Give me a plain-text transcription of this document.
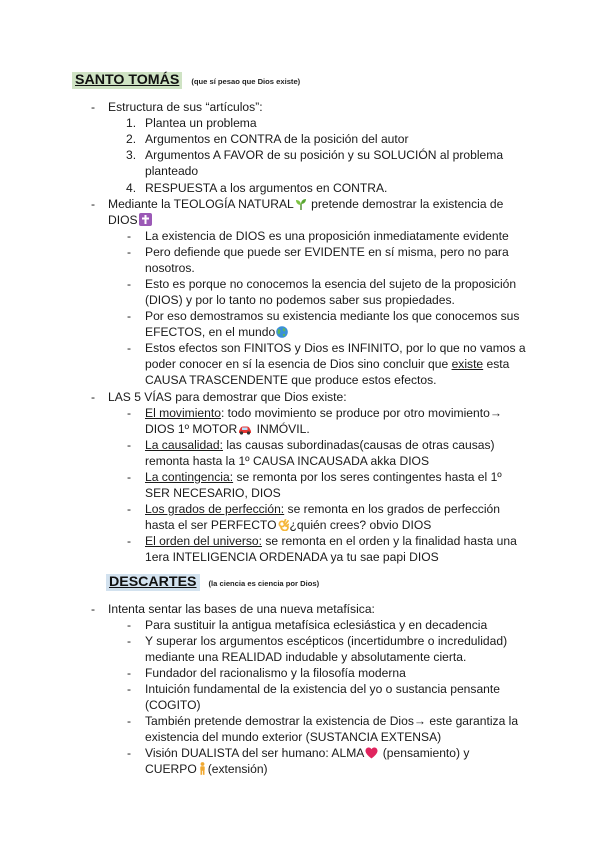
SANTO TOMÁS	(que sí pesao que Dios existe)
- Estructura de sus “artículos”:
1. Plantea un problema
2. Argumentos en CONTRA de la posición del autor
3. Argumentos A FAVOR de su posición y su SOLUCIÓN al problema
planteado
4. RESPUESTA a los argumentos en CONTRA.
- Mediante la TEOLOGÍA NATURAL pretende demostrar la existencia de
DIOS
- La existencia de DIOS es una proposición inmediatamente evidente
- Pero defiende que puede ser EVIDENTE en sí misma, pero no para
nosotros.
- Esto es porque no conocemos la esencia del sujeto de la proposición
(DIOS) y por lo tanto no podemos saber sus propiedades.
- Por eso demostramos su existencia mediante los que conocemos sus
EFECTOS, en el mundo
- Estos efectos son FINITOS y Dios es INFINITO, por lo que no vamos a
poder conocer en sí la esencia de Dios sino concluir que existe esta
CAUSA TRASCENDENTE que produce estos efectos.
- LAS 5 VÍAS para demostrar que Dios existe:
- El movimiento: todo movimiento se produce por otro movimiento→
DIOS 1º MOTOR INMÓVIL.
- La causalidad: las causas subordinadas(causas de otras causas)
remonta hasta la 1º CAUSA INCAUSADA akka DIOS
- La contingencia: se remonta por los seres contingentes hasta el 1º
SER NECESARIO, DIOS
- Los grados de perfección: se remonta en los grados de perfección
hasta el ser PERFECTO ¿quién crees? obvio DIOS
- El orden del universo: se remonta en el orden y la finalidad hasta una
1era INTELIGENCIA ORDENADA ya tu sae papi DIOS
DESCARTES	(la ciencia es ciencia por Dios)
- Intenta sentar las bases de una nueva metafísica:
- Para sustituir la antigua metafísica eclesiástica y en decadencia
- Y superar los argumentos escépticos (incertidumbre o incredulidad)
mediante una REALIDAD indudable y absolutamente cierta.
- Fundador del racionalismo y la filosofía moderna
- Intuición fundamental de la existencia del yo o sustancia pensante
(COGITO)
- También pretende demostrar la existencia de Dios→ este garantiza la
existencia del mundo exterior (SUSTANCIA EXTENSA)
- Visión DUALISTA del ser humano: ALMA (pensamiento) y
CUERPO (extensión)
